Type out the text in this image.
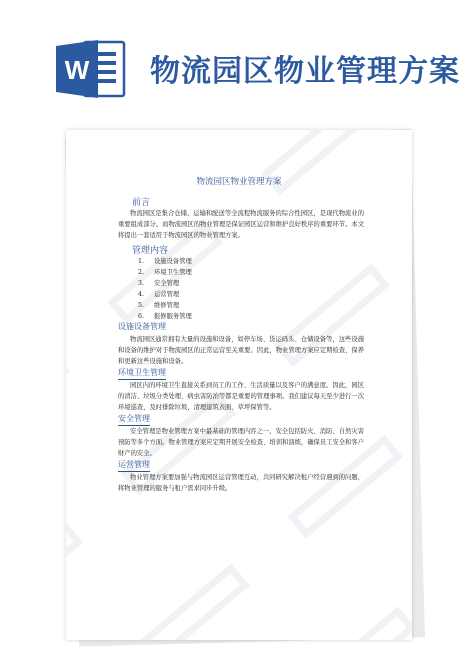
W 物流园区物业管理方案
物流园区物业管理方案
前言

物流园区是集合仓储、运输和配送等全流程物流服务的综合性园区，是现代物流业的重要组成部分。而物流园区的物业管理是保证园区运营和维护良好秩序的重要环节。本文将提出一套适用于物流园区的物业管理方案。

管理内容
1. 设施设备管理
2. 环境卫生管理
3. 安全管理
4. 运营管理
5. 维修管理
6. 报修服务管理
设施设备管理

物流园区通常拥有大量的设施和设备，如停车场、货运码头、仓储设备等，这些设施和设备的维护对于物流园区的正常运营至关重要。因此，物业管理方案应定期检查、保养和更新这些设施和设备。

环境卫生管理

园区内的环境卫生直接关系到员工的工作、生活质量以及客户的满意度。因此，园区的清洁、垃圾分类处理、病虫害防治等都是重要的管理事项。我们建议每天至少进行一次环境巡查，及时排除垃圾，清理建筑表面、草坪保管等。

安全管理

安全管理是物业管理方案中最基础的管理内容之一，安全包括防火、消防、自然灾害预防等多个方面。物业管理方案应定期开展安全检查、培训和演练，确保员工安全和客户财产的安全。

运营管理

物业管理方案要加强与物流园区运营管理互动，共同研究解决租户经营遇到的问题，将物业管理的服务与租户需求同步升级。
